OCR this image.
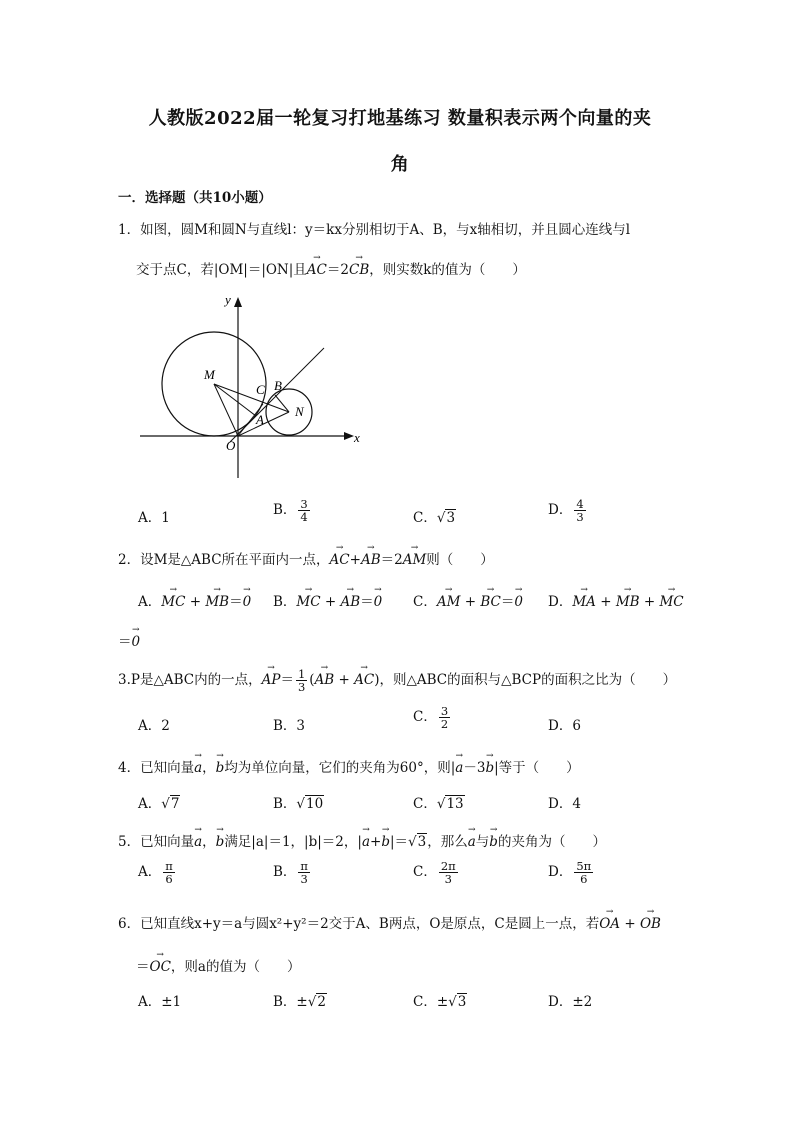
人教版2022届一轮复习打地基练习 数量积表示两个向量的夹
角
一．选择题（共10小题）
1．如图，圆M和圆N与直线l：y＝kx分别相切于A、B，与x轴相切，并且圆心连线与l
交于点C，若|OM|＝|ON|且→ AC＝2→ CB，则实数k的值为（　　）
y
x
M
N
O
A
B
C
A．1	B． $\frac{3}{4}$	C．√3	D． $\frac{4}{3}$
2．设M是△ABC所在平面内一点，→ AC+→ AB＝2→ AM则（　　）
A．→ MC + → MB＝→ 0 B．→ MC + → AB＝→ 0 C．→ AM + → BC＝→ 0 D．→ MA + → MB + → MC
＝→ 0
3.P是△ABC内的一点，→ $AP= \frac{1}{3}$ (→ AB + → AC)，则△ABC的面积与△BCP的面积之比为（　　）
A．2	B．3
C． $\frac{3}{2}$	D．6
4．已知向量→ a，→ b均为单位向量，它们的夹角为60°，则|→ a－3→ b|等于（　　）
A．√7	B．√10	C．√13	D．4
5．已知向量→ a，→ b满足|a|＝1，|b|＝2，|→ a+→ b|＝√3，那么→ a与→ b的夹角为（　　）
A． $\frac{\pi}{6}$	B． $\frac{\pi}{3}$	C． $\frac{2\pi}{3}$	D． $\frac{5\pi}{6}$
6．已知直线x+y＝a与圆x²+y²＝2交于A、B两点，O是原点，C是圆上一点，若→ OA + → OB
＝→ OC，则a的值为（　　）
A．±1	B．±√2	C．±√3	D．±2
